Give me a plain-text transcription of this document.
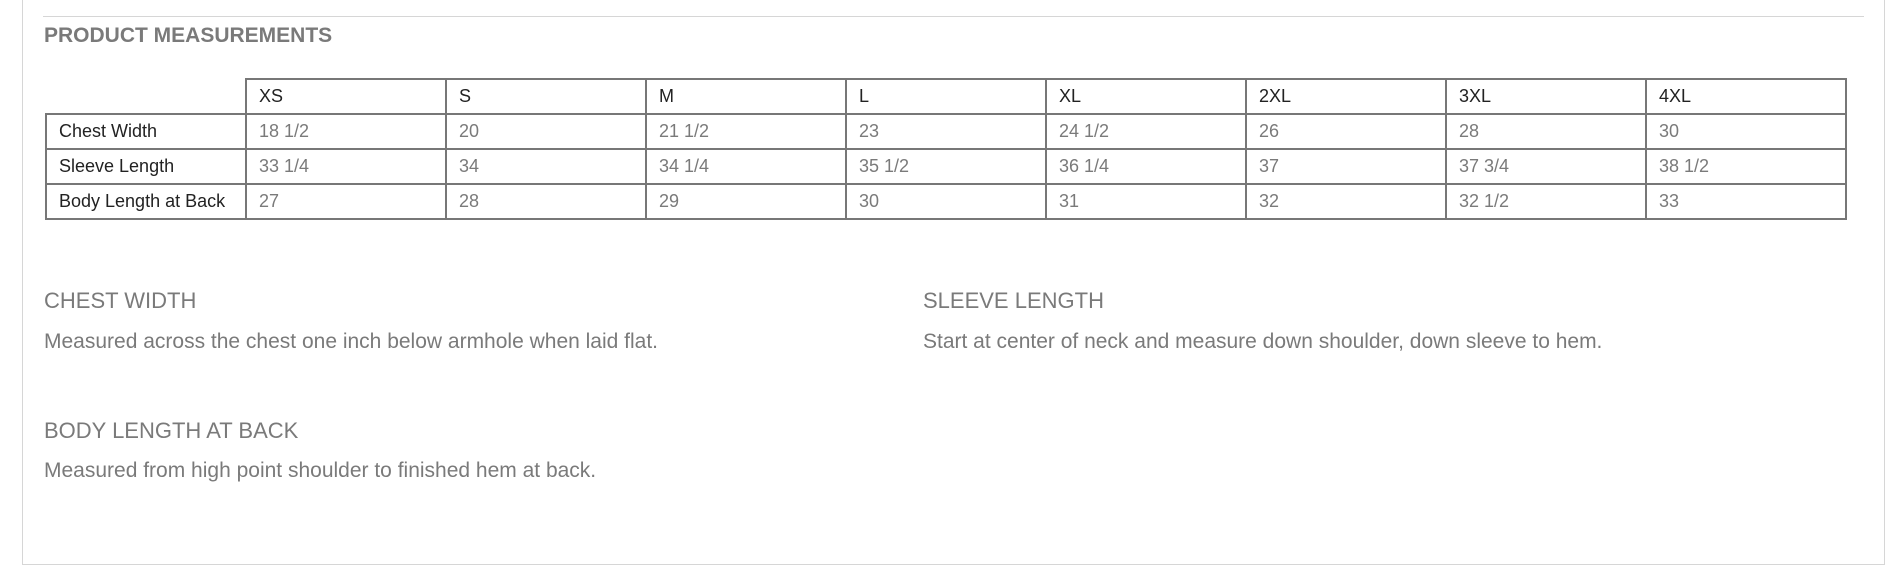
PRODUCT MEASUREMENTS
	XS	S	M	L	XL	2XL	3XL	4XL
Chest Width	18 1/2	20	21 1/2	23	24 1/2	26	28	30
Sleeve Length	33 1/4	34	34 1/4	35 1/2	36 1/4	37	37 3/4	38 1/2
Body Length at Back	27	28	29	30	31	32	32 1/2	33
CHEST WIDTH
Measured across the chest one inch below armhole when laid flat.
SLEEVE LENGTH
Start at center of neck and measure down shoulder, down sleeve to hem.
BODY LENGTH AT BACK
Measured from high point shoulder to finished hem at back.
